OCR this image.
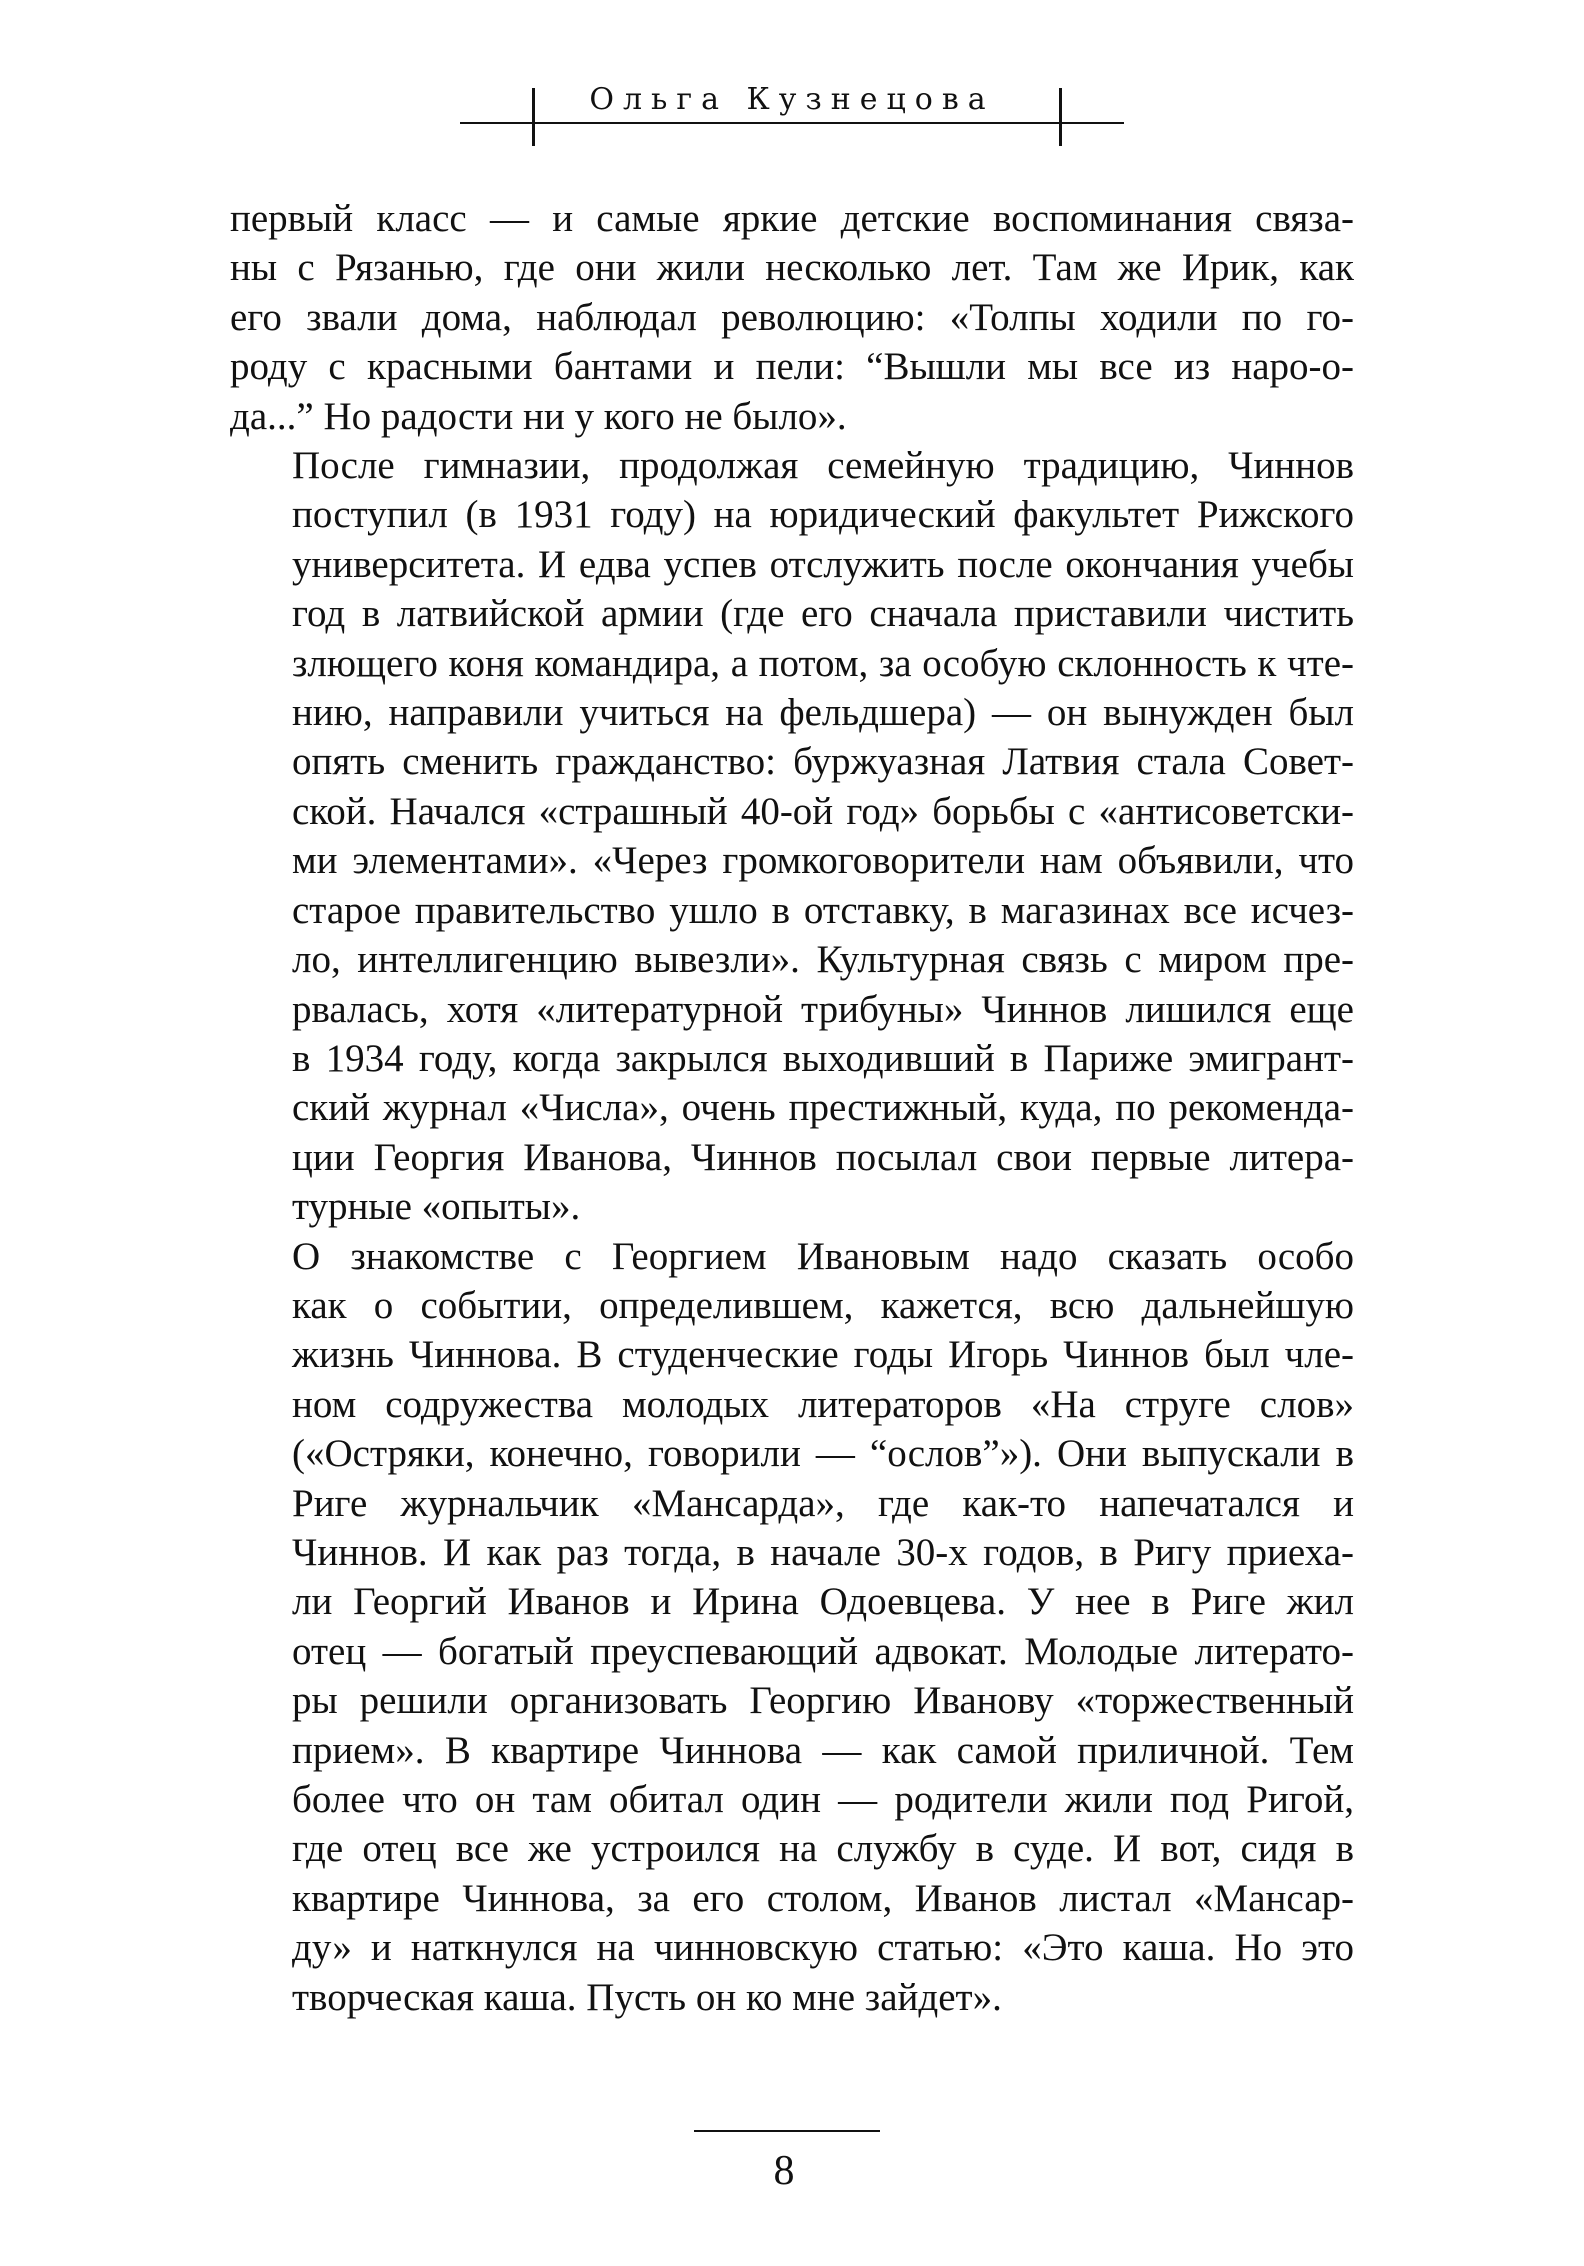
Ольга Кузнецова

первый класс — и самые яркие детские воспоминания связа-
ны с Рязанью, где они жили несколько лет. Там же Ирик, как
его звали дома, наблюдал революцию: «Толпы ходили по го-
роду с красными бантами и пели: “Вышли мы все из наро-о-
да...” Но радости ни у кого не было».

После гимназии, продолжая семейную традицию, Чиннов
поступил (в 1931 году) на юридический факультет Рижского
университета. И едва успев отслужить после окончания учебы
год в латвийской армии (где его сначала приставили чистить
злющего коня командира, а потом, за особую склонность к чте-
нию, направили учиться на фельдшера) — он вынужден был
опять сменить гражданство: буржуазная Латвия стала Совет-
ской. Начался «страшный 40-ой год» борьбы с «антисоветски-
ми элементами». «Через громкоговорители нам объявили, что
старое правительство ушло в отставку, в магазинах все исчез-
ло, интеллигенцию вывезли». Культурная связь с миром пре-
рвалась, хотя «литературной трибуны» Чиннов лишился еще
в 1934 году, когда закрылся выходивший в Париже эмигрант-
ский журнал «Числа», очень престижный, куда, по рекоменда-
ции Георгия Иванова, Чиннов посылал свои первые литера-
турные «опыты».

О знакомстве с Георгием Ивановым надо сказать особо
как о событии, определившем, кажется, всю дальнейшую
жизнь Чиннова. В студенческие годы Игорь Чиннов был чле-
ном содружества молодых литераторов «На струге слов»
(«Остряки, конечно, говорили — “ослов”»). Они выпускали в
Риге журнальчик «Мансарда», где как-то напечатался и
Чиннов. И как раз тогда, в начале 30-х годов, в Ригу приеха-
ли Георгий Иванов и Ирина Одоевцева. У нее в Риге жил
отец — богатый преуспевающий адвокат. Молодые литерато-
ры решили организовать Георгию Иванову «торжественный
прием». В квартире Чиннова — как самой приличной. Тем
более что он там обитал один — родители жили под Ригой,
где отец все же устроился на службу в суде. И вот, сидя в
квартире Чиннова, за его столом, Иванов листал «Мансар-
ду» и наткнулся на чинновскую статью: «Это каша. Но это
творческая каша. Пусть он ко мне зайдет».

8
